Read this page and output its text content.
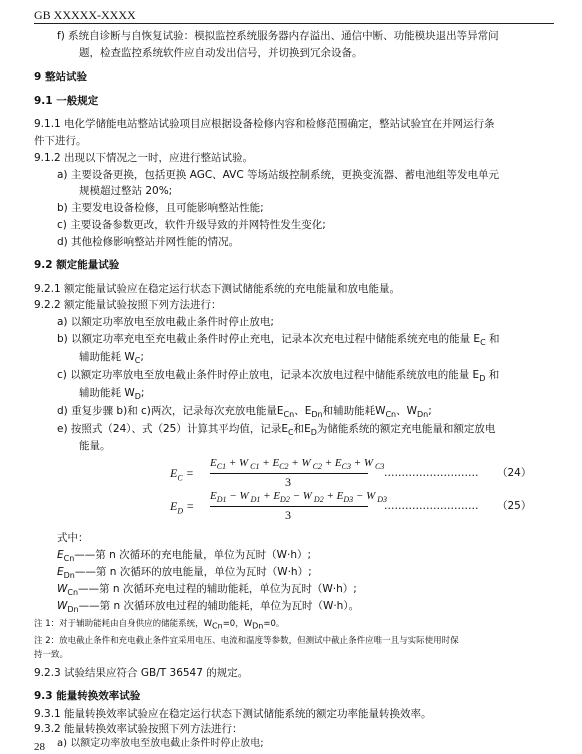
GB XXXXX-XXXX
f) 系统自诊断与自恢复试验：模拟监控系统服务器内存溢出、通信中断、功能模块退出等异常问
题，检查监控系统软件应自动发出信号，并切换到冗余设备。
9 整站试验
9.1 一般规定
9.1.1 电化学储能电站整站试验项目应根据设备检修内容和检修范围确定，整站试验宜在并网运行条
件下进行。
9.1.2 出现以下情况之一时，应进行整站试验。
a) 主要设备更换，包括更换 AGC、AVC 等场站级控制系统，更换变流器、蓄电池组等发电单元
规模超过整站 20%;
b) 主要发电设备检修，且可能影响整站性能;
c) 主要设备参数更改，软件升级导致的并网特性发生变化;
d) 其他检修影响整站并网性能的情况。
9.2 额定能量试验
9.2.1 额定能量试验应在稳定运行状态下测试储能系统的充电能量和放电能量。
9.2.2 额定能量试验按照下列方法进行：
a) 以额定功率放电至放电截止条件时停止放电;
b) 以额定功率充电至充电截止条件时停止充电，记录本次充电过程中储能系统充电的能量 $E_C$ 和
辅助能耗 $W_C$;
c) 以额定功率放电至放电截止条件时停止放电，记录本次放电过程中储能系统放电的能量 $E_D$ 和
辅助能耗 $W_D$;
d) 重复步骤 b)和 c)两次，记录每次充放电能量$E_{Cn}$、$E_{Dn}$和辅助能耗$W_{Cn}$、$W_{Dn}$;
e) 按照式（24）、式（25）计算其平均值，记录$E_C$和$E_D$为储能系统的额定充电能量和额定放电
能量。
$E_C$ =
$E_{C1} + W$ $_{C1} + E_{C2} + W$ $_{C2} + E_{C3} + W$ $_{C3}$
3
……………………… （24）
$E_D$ =
$E_{D1} - W$ $_{D1} + E_{D2} - W$ $_{D2} + E_{D3} - W$ $_{D3}$
3
……………………… （25）
式中：
$E_{Cn}——$第 n 次循环的充电能量，单位为瓦时（W·h）;
$E_{Dn}——$第 n 次循环的放电能量，单位为瓦时（W·h）;
$W_{Cn}——$第 n 次循环充电过程的辅助能耗，单位为瓦时（W·h）;
$W_{Dn}——$第 n 次循环放电过程的辅助能耗，单位为瓦时（W·h）。
注 1：对于辅助能耗由自身供应的储能系统，$W_{Cn}=0$，$W_{Dn}=0$。
注 2：放电截止条件和充电截止条件宜采用电压、电流和温度等参数，但测试中截止条件应唯一且与实际使用时保
持一致。
9.2.3 试验结果应符合 GB/T 36547 的规定。
9.3 能量转换效率试验
9.3.1 能量转换效率试验应在稳定运行状态下测试储能系统的额定功率能量转换效率。
9.3.2 能量转换效率试验按照下列方法进行：
a) 以额定功率放电至放电截止条件时停止放电;
28
